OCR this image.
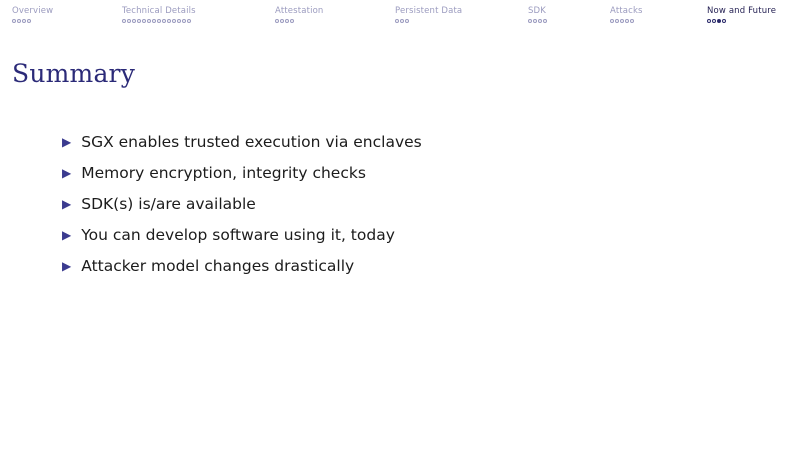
Overview	Technical Details	Attestation	Persistent Data	SDK	Attacks	Now and Future
Summary
▶ SGX enables trusted execution via enclaves
▶ Memory encryption, integrity checks
▶ SDK(s) is/are available
▶ You can develop software using it, today
▶ Attacker model changes drastically
